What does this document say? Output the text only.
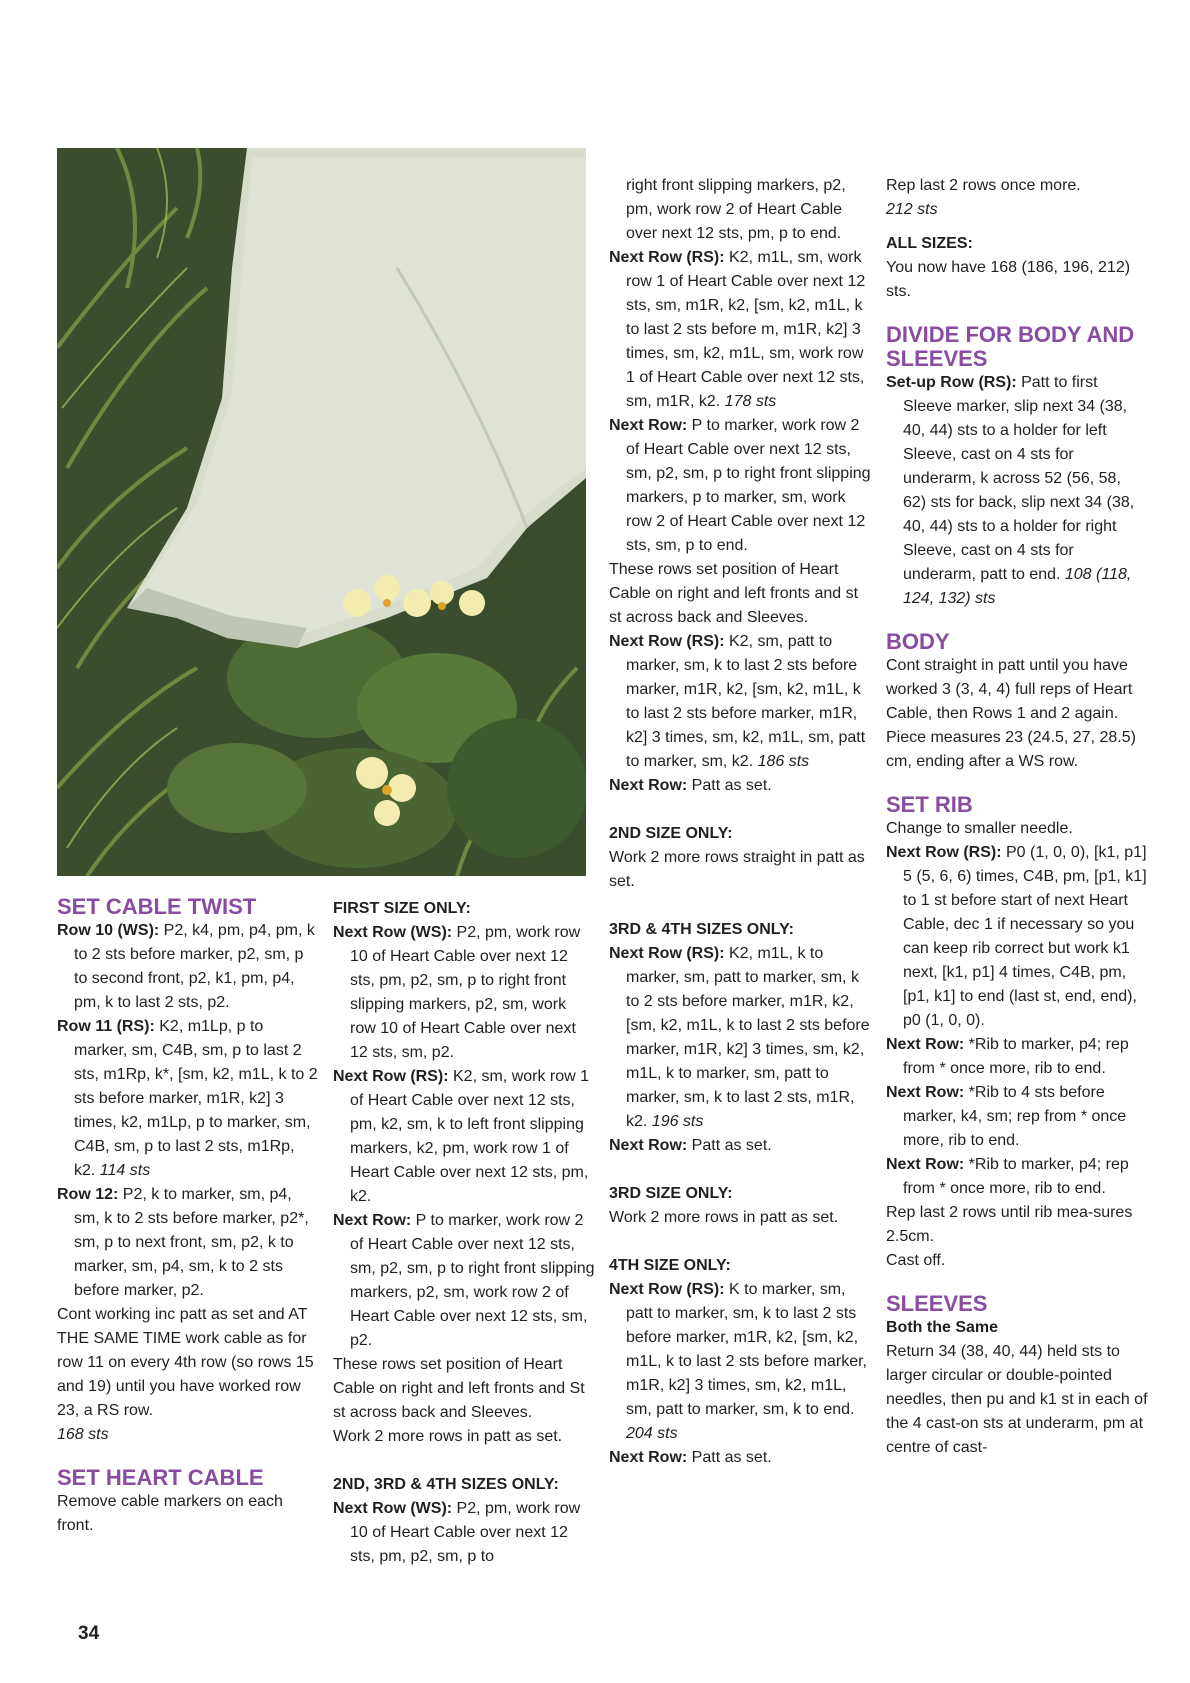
SET CABLE TWIST
Row 10 (WS): P2, k4, pm, p4, pm, k to 2 sts before marker, p2, sm, p to second front, p2, k1, pm, p4, pm, k to last 2 sts, p2.
Row 11 (RS): K2, m1Lp, p to marker, sm, C4B, sm, p to last 2 sts, m1Rp, k*, [sm, k2, m1L, k to 2 sts before marker, m1R, k2] 3 times, k2, m1Lp, p to marker, sm, C4B, sm, p to last 2 sts, m1Rp, k2. 114 sts
Row 12: P2, k to marker, sm, p4, sm, k to 2 sts before marker, p2*, sm, p to next front, sm, p2, k to marker, sm, p4, sm, k to 2 sts before marker, p2.
Cont working inc patt as set and AT THE SAME TIME work cable as for row 11 on every 4th row (so rows 15 and 19) until you have worked row 23, a RS row.
168 sts
SET HEART CABLE
Remove cable markers on each front.
FIRST SIZE ONLY:
Next Row (WS): P2, pm, work row 10 of Heart Cable over next 12 sts, pm, p2, sm, p to right front slipping markers, p2, sm, work row 10 of Heart Cable over next 12 sts, sm, p2.
Next Row (RS): K2, sm, work row 1 of Heart Cable over next 12 sts, pm, k2, sm, k to left front slipping markers, k2, pm, work row 1 of Heart Cable over next 12 sts, pm, k2.
Next Row: P to marker, work row 2 of Heart Cable over next 12 sts, sm, p2, sm, p to right front slipping markers, p2, sm, work row 2 of Heart Cable over next 12 sts, sm, p2.
These rows set position of Heart Cable on right and left fronts and St st across back and Sleeves.
Work 2 more rows in patt as set.
2ND, 3RD & 4TH SIZES ONLY:
Next Row (WS): P2, pm, work row 10 of Heart Cable over next 12 sts, pm, p2, sm, p to
right front slipping markers, p2, pm, work row 2 of Heart Cable over next 12 sts, pm, p to end.
Next Row (RS): K2, m1L, sm, work row 1 of Heart Cable over next 12 sts, sm, m1R, k2, [sm, k2, m1L, k to last 2 sts before m, m1R, k2] 3 times, sm, k2, m1L, sm, work row 1 of Heart Cable over next 12 sts, sm, m1R, k2. 178 sts
Next Row: P to marker, work row 2 of Heart Cable over next 12 sts, sm, p2, sm, p to right front slipping markers, p to marker, sm, work row 2 of Heart Cable over next 12 sts, sm, p to end.
These rows set position of Heart Cable on right and left fronts and st st across back and Sleeves.
Next Row (RS): K2, sm, patt to marker, sm, k to last 2 sts before marker, m1R, k2, [sm, k2, m1L, k to last 2 sts before marker, m1R, k2] 3 times, sm, k2, m1L, sm, patt to marker, sm, k2. 186 sts
Next Row: Patt as set.
2ND SIZE ONLY:
Work 2 more rows straight in patt as set.
3RD & 4TH SIZES ONLY:
Next Row (RS): K2, m1L, k to marker, sm, patt to marker, sm, k to 2 sts before marker, m1R, k2, [sm, k2, m1L, k to last 2 sts before marker, m1R, k2] 3 times, sm, k2, m1L, k to marker, sm, patt to marker, sm, k to last 2 sts, m1R, k2. 196 sts
Next Row: Patt as set.
3RD SIZE ONLY:
Work 2 more rows in patt as set.
4TH SIZE ONLY:
Next Row (RS): K to marker, sm, patt to marker, sm, k to last 2 sts before marker, m1R, k2, [sm, k2, m1L, k to last 2 sts before marker, m1R, k2] 3 times, sm, k2, m1L, sm, patt to marker, sm, k to end. 204 sts
Next Row: Patt as set.
Rep last 2 rows once more.
212 sts
ALL SIZES:
You now have 168 (186, 196, 212) sts.
DIVIDE FOR BODY AND SLEEVES
Set-up Row (RS): Patt to first Sleeve marker, slip next 34 (38, 40, 44) sts to a holder for left Sleeve, cast on 4 sts for underarm, k across 52 (56, 58, 62) sts for back, slip next 34 (38, 40, 44) sts to a holder for right Sleeve, cast on 4 sts for underarm, patt to end. 108 (118, 124, 132) sts
BODY
Cont straight in patt until you have worked 3 (3, 4, 4) full reps of Heart Cable, then Rows 1 and 2 again.
Piece measures 23 (24.5, 27, 28.5) cm, ending after a WS row.
SET RIB
Change to smaller needle.
Next Row (RS): P0 (1, 0, 0), [k1, p1] 5 (5, 6, 6) times, C4B, pm, [p1, k1] to 1 st before start of next Heart Cable, dec 1 if necessary so you can keep rib correct but work k1 next, [k1, p1] 4 times, C4B, pm, [p1, k1] to end (last st, end, end), p0 (1, 0, 0).
Next Row: *Rib to marker, p4; rep from * once more, rib to end.
Next Row: *Rib to 4 sts before marker, k4, sm; rep from * once more, rib to end.
Next Row: *Rib to marker, p4; rep from * once more, rib to end.
Rep last 2 rows until rib mea-sures 2.5cm.
Cast off.
SLEEVES
Both the Same
Return 34 (38, 40, 44) held sts to larger circular or double-pointed needles, then pu and k1 st in each of the 4 cast-on sts at underarm, pm at centre of cast-
34
